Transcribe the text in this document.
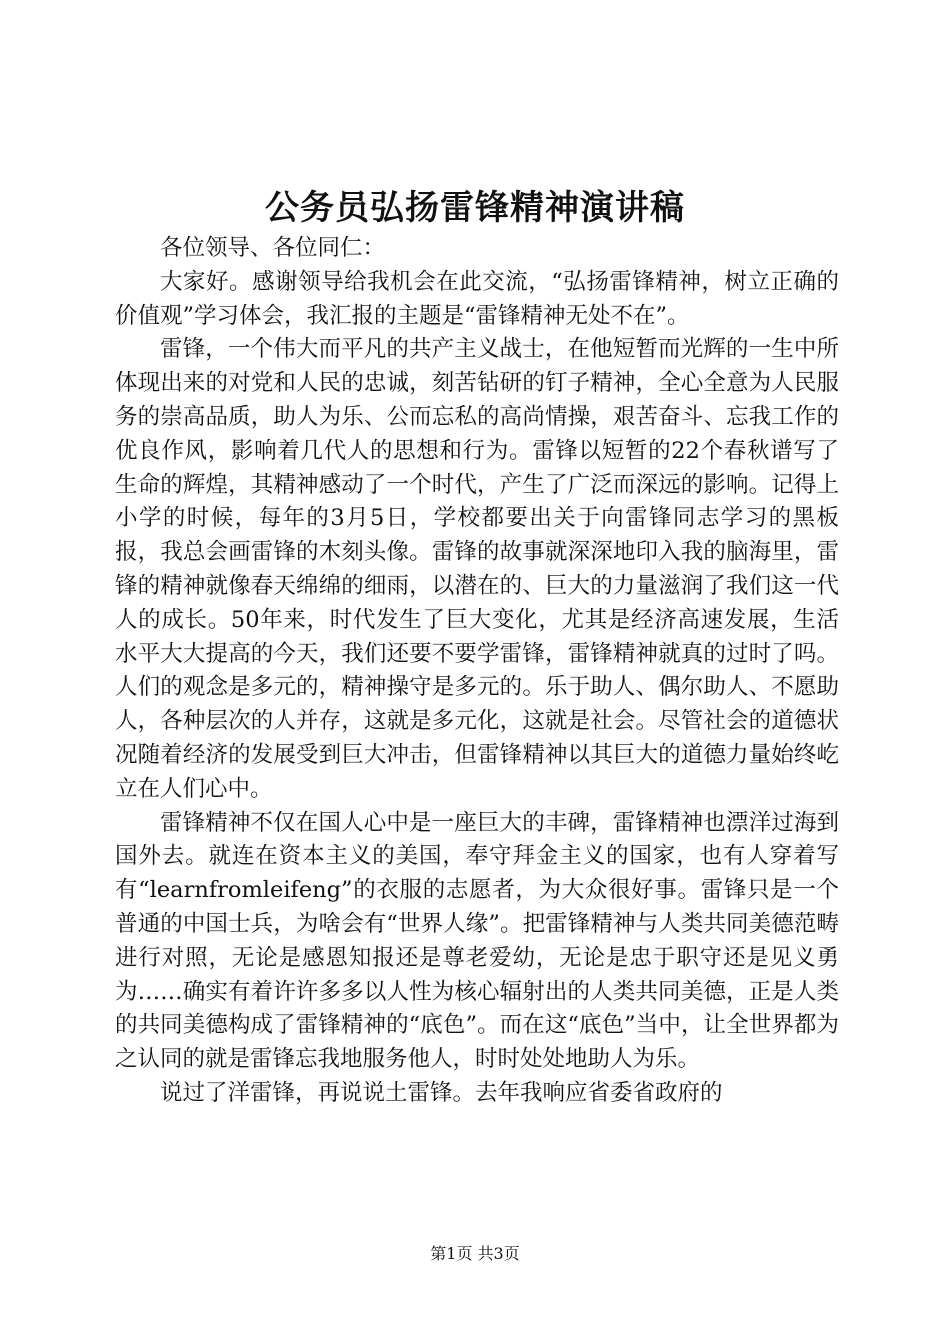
公务员弘扬雷锋精神演讲稿

各位领导、各位同仁：

大家好。感谢领导给我机会在此交流，“弘扬雷锋精神，树立正确的价值观”学习体会，我汇报的主题是“雷锋精神无处不在”。

雷锋，一个伟大而平凡的共产主义战士，在他短暂而光辉的一生中所体现出来的对党和人民的忠诚，刻苦钻研的钉子精神，全心全意为人民服务的崇高品质，助人为乐、公而忘私的高尚情操，艰苦奋斗、忘我工作的优良作风，影响着几代人的思想和行为。雷锋以短暂的22个春秋谱写了生命的辉煌，其精神感动了一个时代，产生了广泛而深远的影响。记得上小学的时候，每年的3月5日，学校都要出关于向雷锋同志学习的黑板报，我总会画雷锋的木刻头像。雷锋的故事就深深地印入我的脑海里，雷锋的精神就像春天绵绵的细雨，以潜在的、巨大的力量滋润了我们这一代人的成长。50年来，时代发生了巨大变化，尤其是经济高速发展，生活水平大大提高的今天，我们还要不要学雷锋，雷锋精神就真的过时了吗。人们的观念是多元的，精神操守是多元的。乐于助人、偶尔助人、不愿助人，各种层次的人并存，这就是多元化，这就是社会。尽管社会的道德状况随着经济的发展受到巨大冲击，但雷锋精神以其巨大的道德力量始终屹立在人们心中。

雷锋精神不仅在国人心中是一座巨大的丰碑，雷锋精神也漂洋过海到国外去。就连在资本主义的美国，奉守拜金主义的国家，也有人穿着写有“learnfromleifeng”的衣服的志愿者，为大众很好事。雷锋只是一个普通的中国士兵，为啥会有“世界人缘”。把雷锋精神与人类共同美德范畴进行对照，无论是感恩知报还是尊老爱幼，无论是忠于职守还是见义勇为……确实有着许许多多以人性为核心辐射出的人类共同美德，正是人类的共同美德构成了雷锋精神的“底色”。而在这“底色”当中，让全世界都为之认同的就是雷锋忘我地服务他人，时时处处地助人为乐。

说过了洋雷锋，再说说土雷锋。去年我响应省委省政府的

第1页 共3页
